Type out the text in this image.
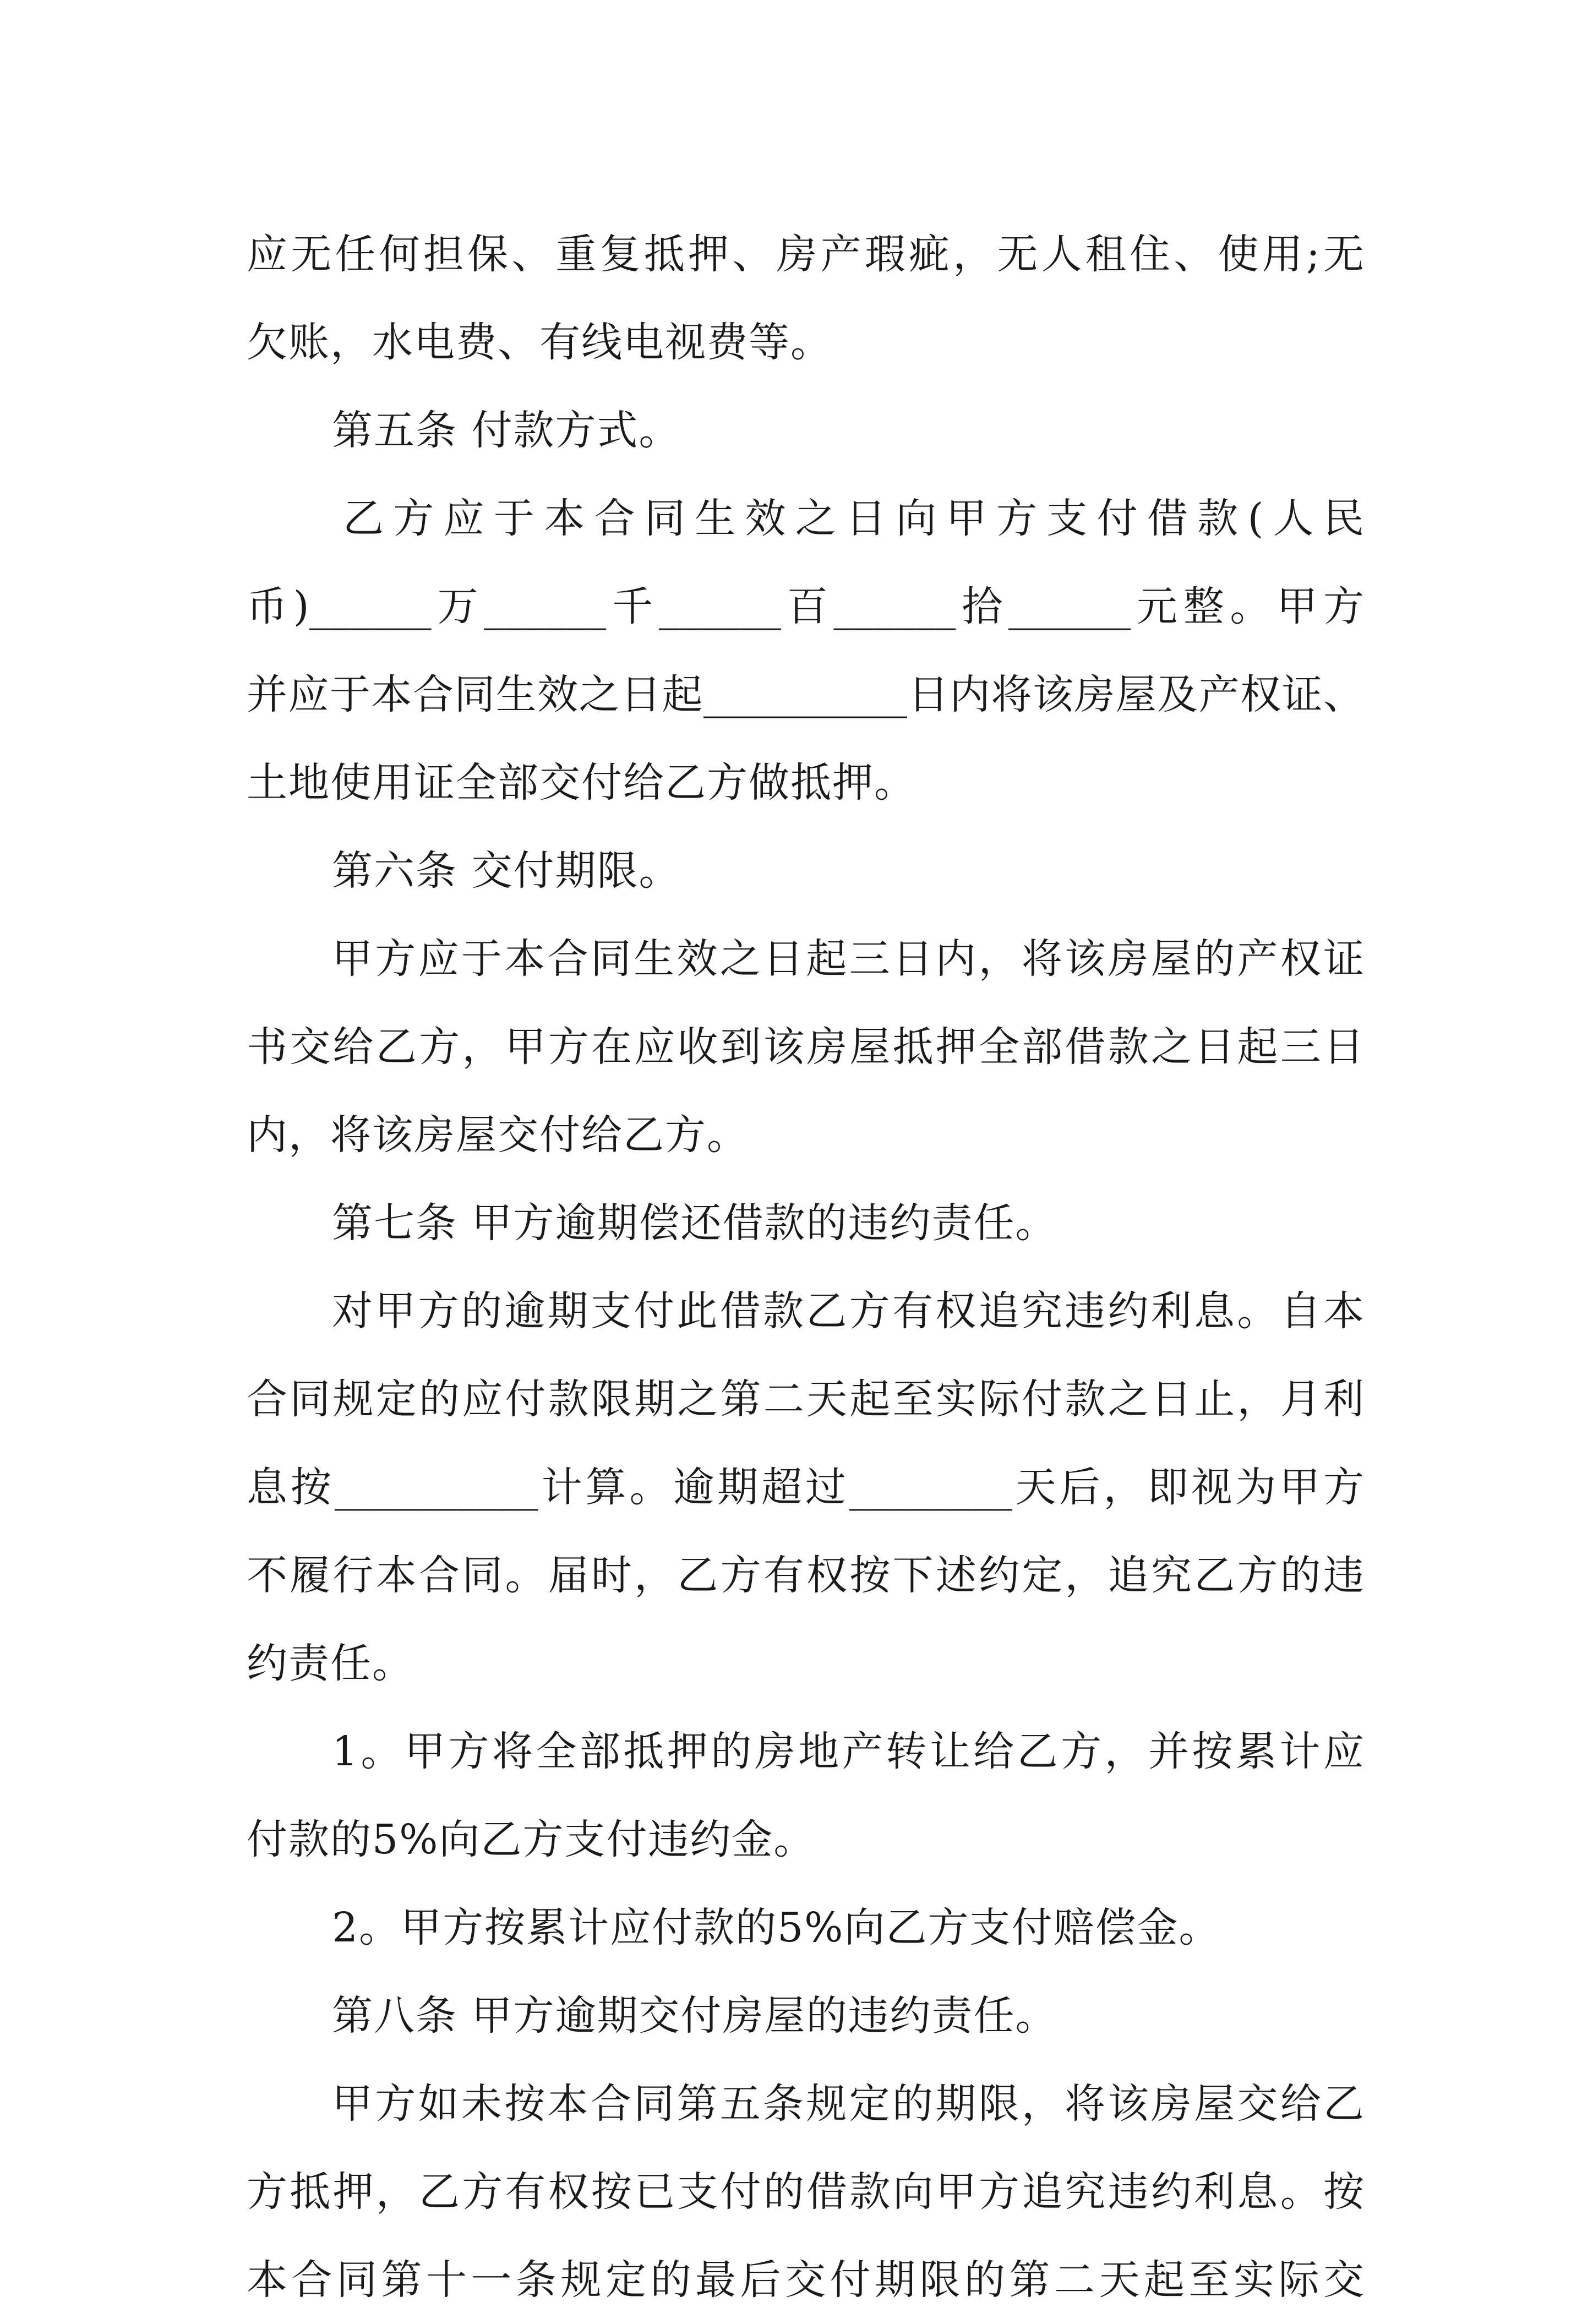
应无任何担保、重复抵押、房产瑕疵，无人租住、使用;无
欠账，水电费、有线电视费等。
第五条 付款方式。
乙方应于本合同生效之日向甲方支付借款(人民
币)______万______千______百______拾______元整。甲方
并应于本合同生效之日起__________日内将该房屋及产权证、
土地使用证全部交付给乙方做抵押。
第六条 交付期限。
甲方应于本合同生效之日起三日内，将该房屋的产权证
书交给乙方，甲方在应收到该房屋抵押全部借款之日起三日
内，将该房屋交付给乙方。
第七条 甲方逾期偿还借款的违约责任。
对甲方的逾期支付此借款乙方有权追究违约利息。自本
合同规定的应付款限期之第二天起至实际付款之日止，月利
息按__________计算。逾期超过________天后，即视为甲方
不履行本合同。届时，乙方有权按下述约定，追究乙方的违
约责任。
1。甲方将全部抵押的房地产转让给乙方，并按累计应
付款的5%向乙方支付违约金。
2。甲方按累计应付款的5%向乙方支付赔偿金。
第八条 甲方逾期交付房屋的违约责任。
甲方如未按本合同第五条规定的期限，将该房屋交给乙
方抵押，乙方有权按已支付的借款向甲方追究违约利息。按
本合同第十一条规定的最后交付期限的第二天起至实际交
